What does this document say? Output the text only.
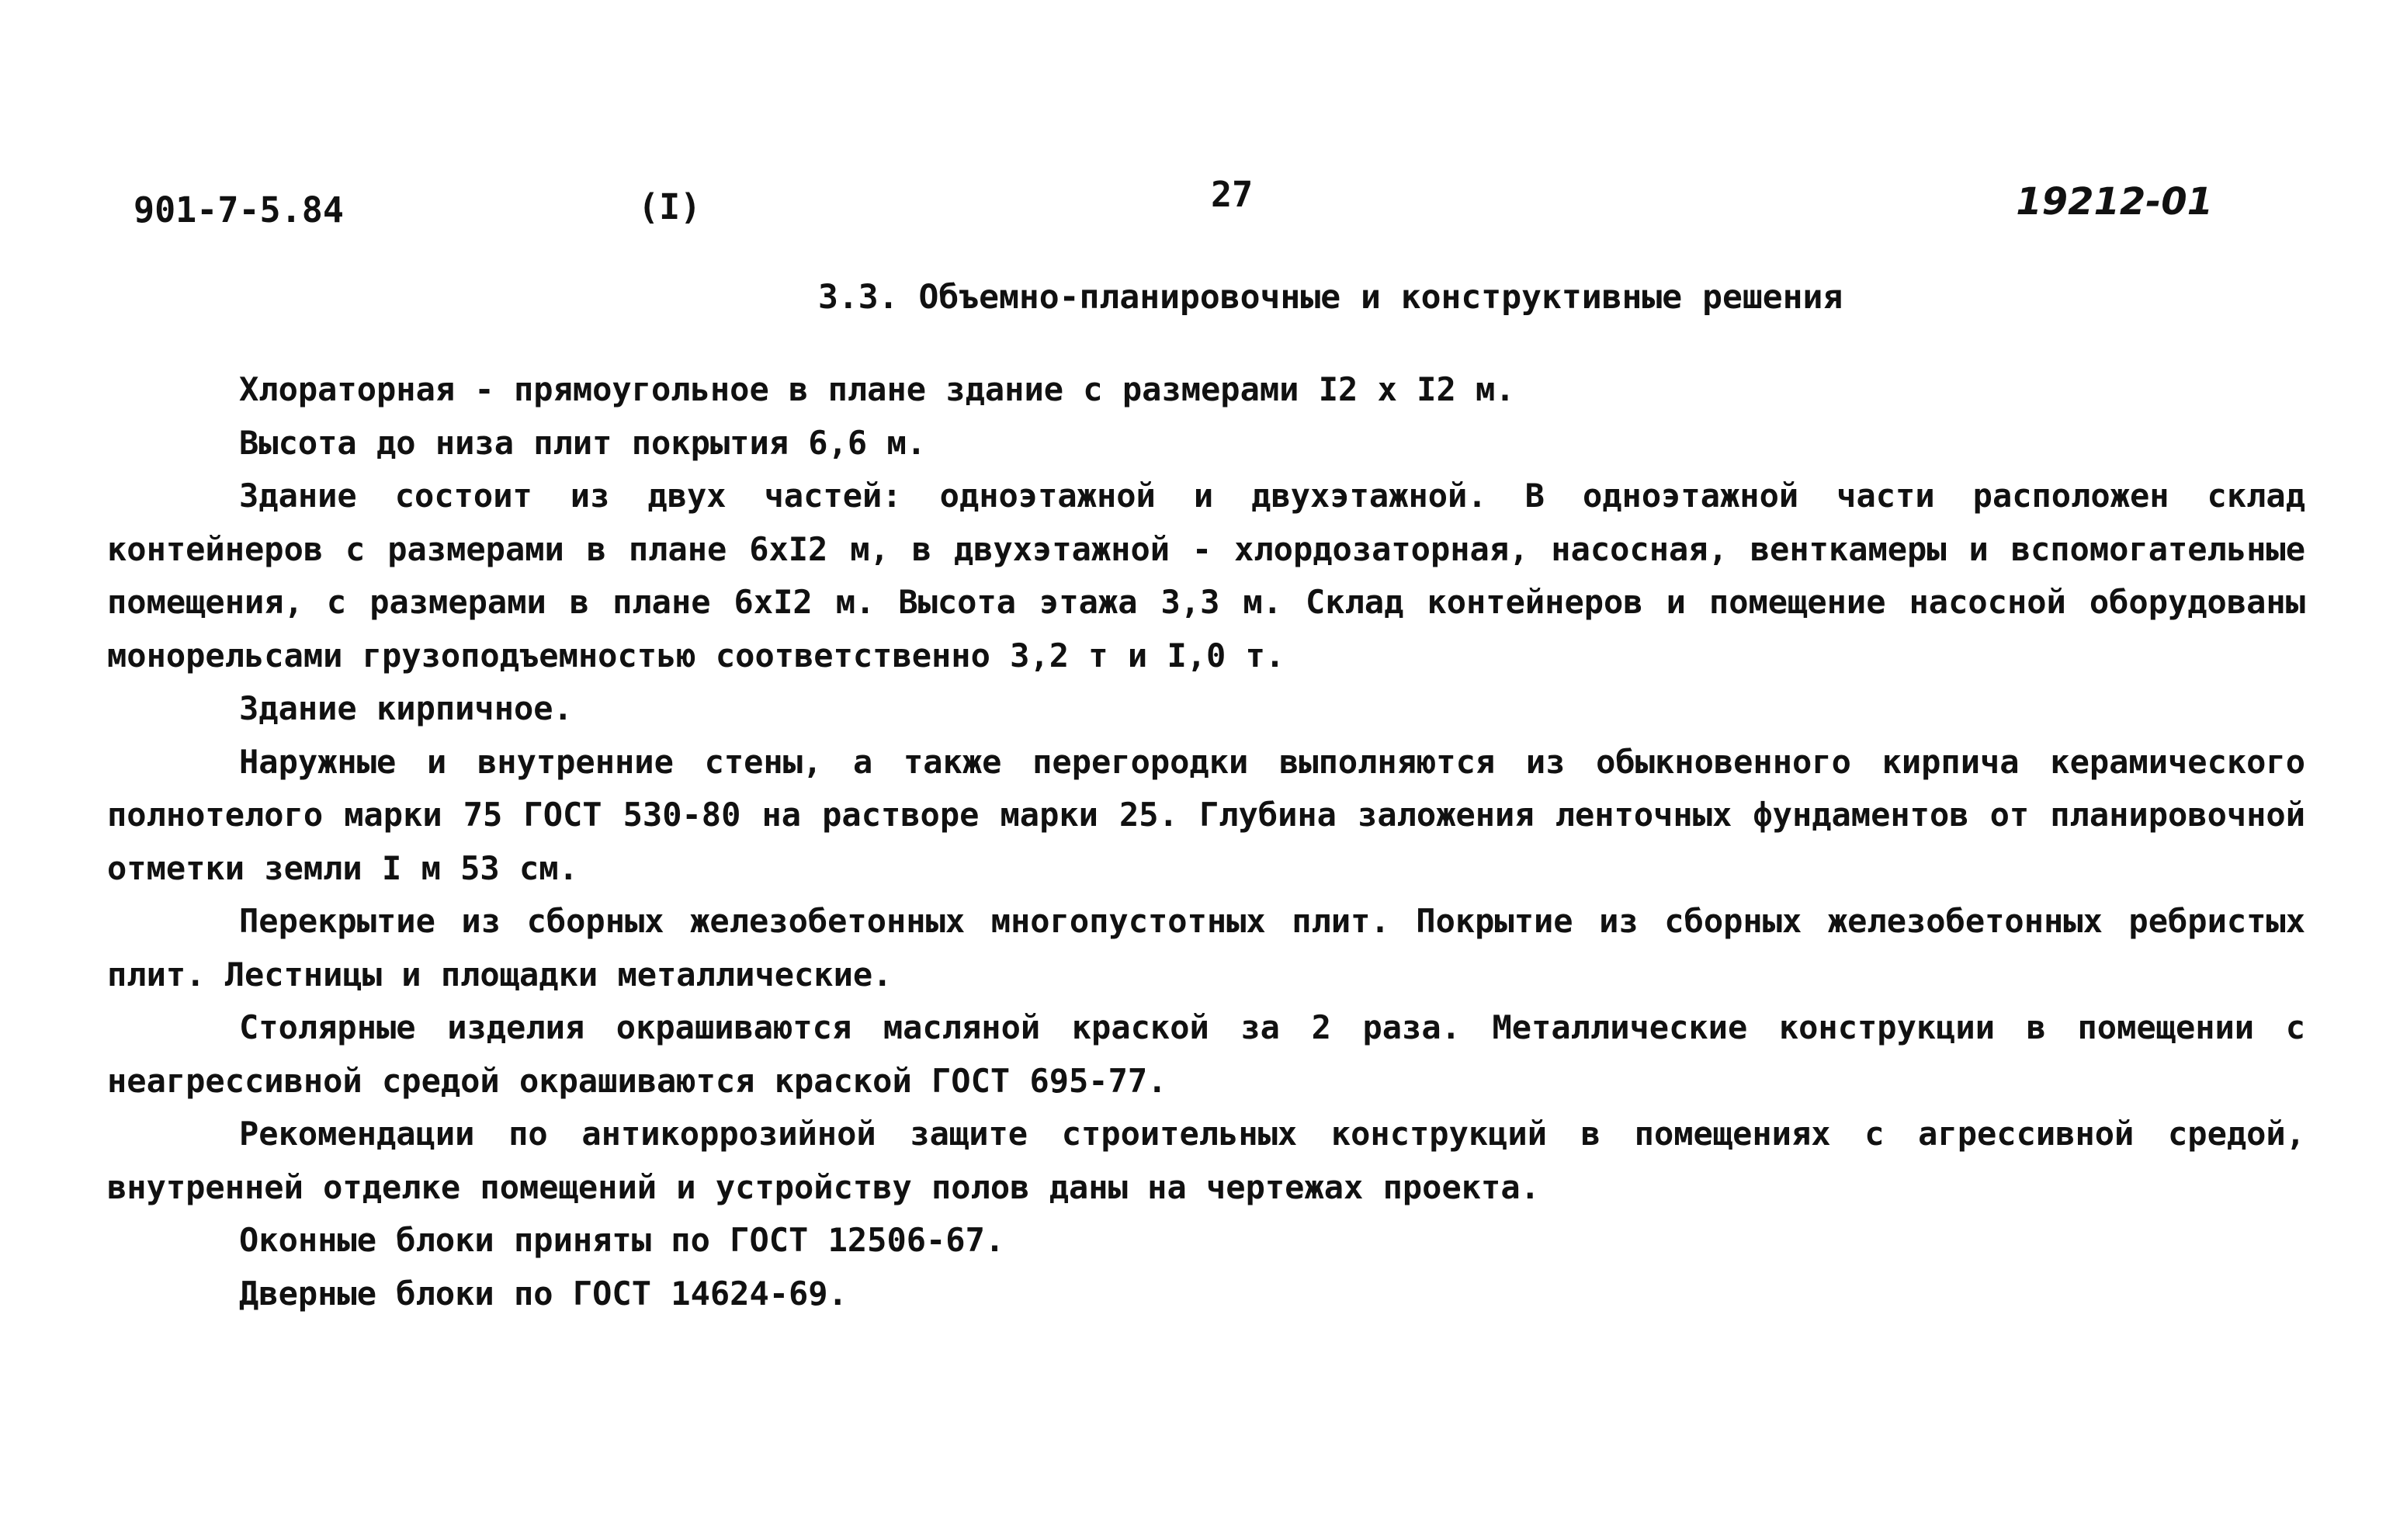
901-7-5.84	(I)	27	19212-01
3.3. Объемно-планировочные и конструктивные решения

Хлораторная - прямоугольное в плане здание с размерами I2 x I2 м.

Высота до низа плит покрытия 6,6 м.

Здание состоит из двух частей: одноэтажной и двухэтажной. В одноэтажной части расположен склад контейнеров с размерами в плане 6xI2 м, в двухэтажной - хлордозаторная, насосная, венткамеры и вспомогательные помещения, с размерами в плане 6xI2 м. Высота этажа 3,3 м. Склад контейнеров и помещение насосной оборудованы монорельсами грузоподъемностью соответственно 3,2 т и I,0 т.

Здание кирпичное.

Наружные и внутренние стены, а также перегородки выполняются из обыкновенного кирпича керамического полнотелого марки 75 ГОСТ 530-80 на растворе марки 25. Глубина заложения ленточных фундаментов от планировочной отметки земли I м 53 см.

Перекрытие из сборных железобетонных многопустотных плит. Покрытие из сборных железобетонных ребристых плит. Лестницы и площадки металлические.

Столярные изделия окрашиваются масляной краской за 2 раза. Металлические конструкции в помещении с неагрессивной средой окрашиваются краской ГОСТ 695-77.

Рекомендации по антикоррозийной защите строительных конструкций в помещениях с агрессивной средой, внутренней отделке помещений и устройству полов даны на чертежах проекта.

Оконные блоки приняты по ГОСТ 12506-67.

Дверные блоки по ГОСТ 14624-69.
